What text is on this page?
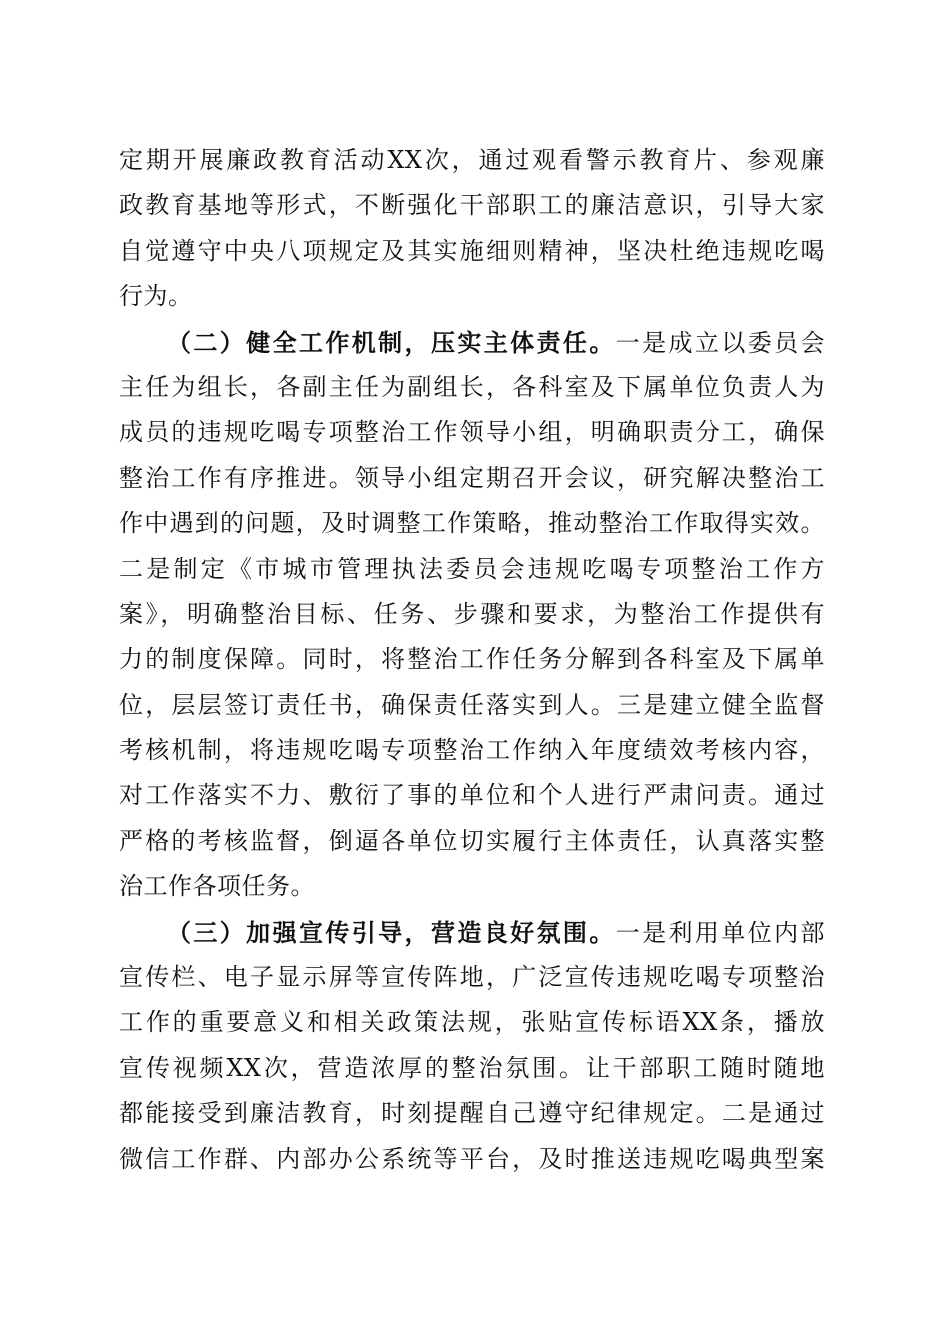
定期开展廉政教育活动XX次，通过观看警示教育片、参观廉
政教育基地等形式，不断强化干部职工的廉洁意识，引导大家
自觉遵守中央八项规定及其实施细则精神，坚决杜绝违规吃喝
行为。
（二）健全工作机制，压实主体责任。一是成立以委员会
主任为组长，各副主任为副组长，各科室及下属单位负责人为
成员的违规吃喝专项整治工作领导小组，明确职责分工，确保
整治工作有序推进。领导小组定期召开会议，研究解决整治工
作中遇到的问题，及时调整工作策略，推动整治工作取得实效。
二是制定《市城市管理执法委员会违规吃喝专项整治工作方
案》，明确整治目标、任务、步骤和要求，为整治工作提供有
力的制度保障。同时，将整治工作任务分解到各科室及下属单
位，层层签订责任书，确保责任落实到人。三是建立健全监督
考核机制，将违规吃喝专项整治工作纳入年度绩效考核内容，
对工作落实不力、敷衍了事的单位和个人进行严肃问责。通过
严格的考核监督，倒逼各单位切实履行主体责任，认真落实整
治工作各项任务。
（三）加强宣传引导，营造良好氛围。一是利用单位内部
宣传栏、电子显示屏等宣传阵地，广泛宣传违规吃喝专项整治
工作的重要意义和相关政策法规，张贴宣传标语XX条，播放
宣传视频XX次，营造浓厚的整治氛围。让干部职工随时随地
都能接受到廉洁教育，时刻提醒自己遵守纪律规定。二是通过
微信工作群、内部办公系统等平台，及时推送违规吃喝典型案
